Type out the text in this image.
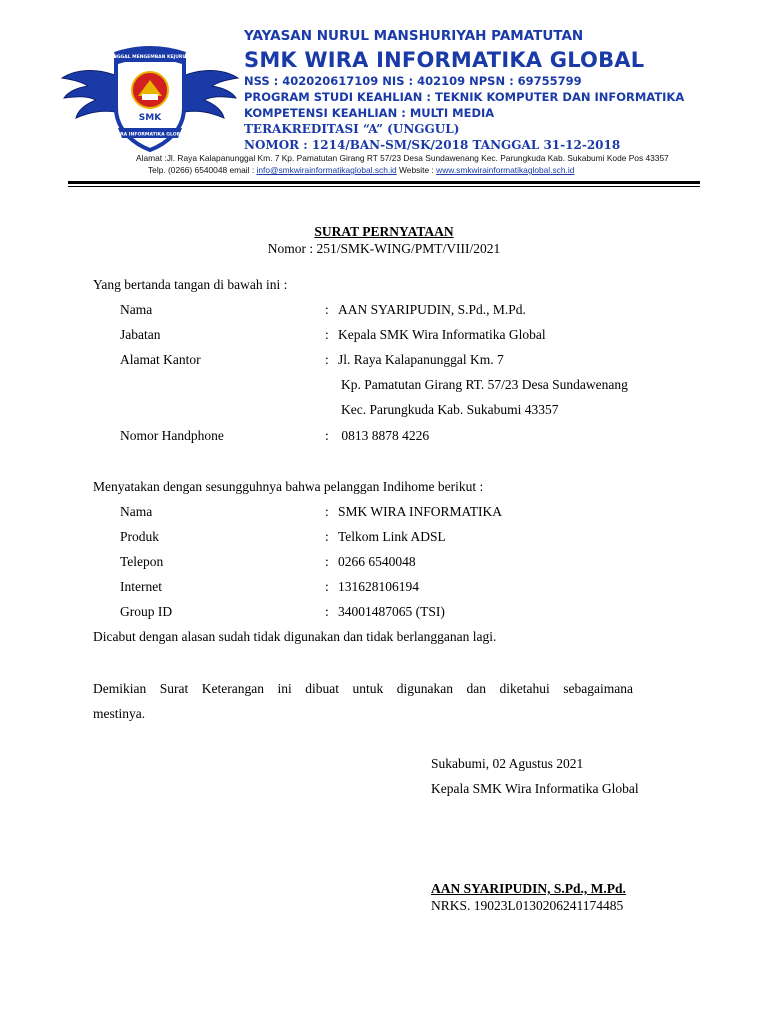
TANGGAL MENGEMBAN KEJURUAN
SMK
WIRA INFORMATIKA GLOBAL
YAYASAN NURUL MANSHURIYAH PAMATUTAN
SMK WIRA INFORMATIKA GLOBAL
NSS : 402020617109 NIS : 402109 NPSN : 69755799
PROGRAM STUDI KEAHLIAN : TEKNIK KOMPUTER DAN INFORMATIKA
KOMPETENSI KEAHLIAN : MULTI MEDIA
TERAKREDITASI “A” (UNGGUL)
NOMOR : 1214/BAN-SM/SK/2018 TANGGAL 31-12-2018
Alamat :Jl. Raya Kalapanunggal Km. 7 Kp. Pamatutan Girang RT 57/23 Desa Sundawenang Kec. Parungkuda Kab. Sukabumi Kode Pos 43357
Telp. (0266) 6540048 email : info@smkwirainformatikaglobal.sch.id Website : www.smkwirainformatikaglobal.sch.id
SURAT PERNYATAAN
Nomor : 251/SMK-WING/PMT/VIII/2021
Yang bertanda tangan di bawah ini :
Nama	: AAN SYARIPUDIN, S.Pd., M.Pd.
Jabatan	: Kepala SMK Wira Informatika Global
Alamat Kantor	: Jl. Raya Kalapanunggal Km. 7
Kp. Pamatutan Girang RT. 57/23 Desa Sundawenang
Kec. Parungkuda Kab. Sukabumi 43357
Nomor Handphone	: 0813 8878 4226
Menyatakan dengan sesungguhnya bahwa pelanggan Indihome berikut :
Nama	: SMK WIRA INFORMATIKA
Produk	: Telkom Link ADSL
Telepon	: 0266 6540048
Internet	: 131628106194
Group ID	: 34001487065 (TSI)
Dicabut dengan alasan sudah tidak digunakan dan tidak berlangganan lagi.
Demikian Surat Keterangan ini dibuat untuk digunakan dan diketahui sebagaimana
mestinya.
Sukabumi, 02 Agustus 2021
Kepala SMK Wira Informatika Global
AAN SYARIPUDIN, S.Pd., M.Pd.
NRKS. 19023L0130206241174485
